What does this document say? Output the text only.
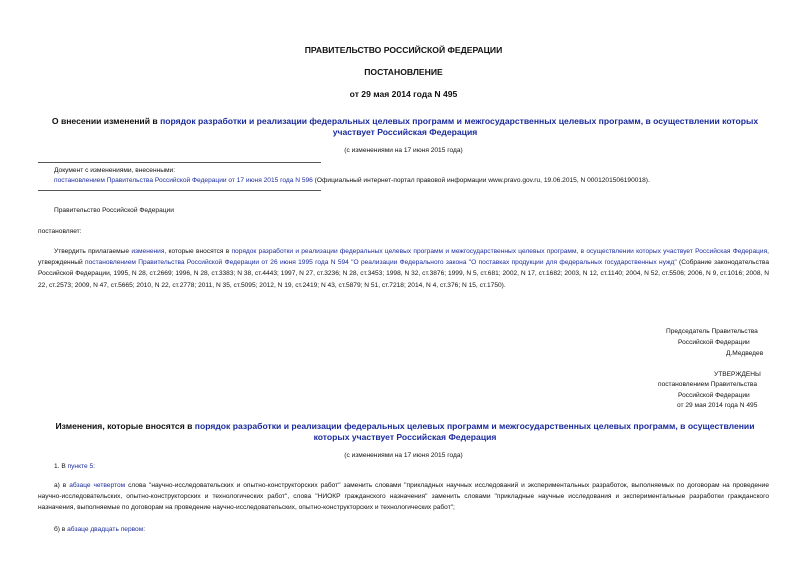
ПРАВИТЕЛЬСТВО РОССИЙСКОЙ ФЕДЕРАЦИИ
ПОСТАНОВЛЕНИЕ
от 29 мая 2014 года N 495
О внесении изменений в порядок разработки и реализации федеральных целевых программ и межгосударственных целевых программ, в осуществлении которых участвует Российская Федерация
(с изменениями на 17 июня 2015 года)
Документ с изменениями, внесенными:
постановлением Правительства Российской Федерации от 17 июня 2015 года N 596 (Официальный интернет-портал правовой информации www.pravo.gov.ru, 19.06.2015, N 0001201506190018).
Правительство Российской Федерации
постановляет:
Утвердить прилагаемые изменения, которые вносятся в порядок разработки и реализации федеральных целевых программ и межгосударственных целевых программ, в осуществлении которых участвует Российская Федерация, утвержденный постановлением Правительства Российской Федерации от 26 июня 1995 года N 594 "О реализации Федерального закона "О поставках продукции для федеральных государственных нужд" (Собрание законодательства Российской Федерации, 1995, N 28, ст.2669; 1996, N 28, ст.3383; N 38, ст.4443; 1997, N 27, ст.3236; N 28, ст.3453; 1998, N 32, ст.3876; 1999, N 5, ст.681; 2002, N 17, ст.1682; 2003, N 12, ст.1140; 2004, N 52, ст.5506; 2006, N 9, ст.1016; 2008, N 22, ст.2573; 2009, N 47, ст.5665; 2010, N 22, ст.2778; 2011, N 35, ст.5095; 2012, N 19, ст.2419; N 43, ст.5879; N 51, ст.7218; 2014, N 4, ст.376; N 15, ст.1750).
Председатель Правительства
Российской Федерации
Д.Медведев
УТВЕРЖДЕНЫ
постановлением Правительства
Российской Федерации
от 29 мая 2014 года N 495
Изменения, которые вносятся в порядок разработки и реализации федеральных целевых программ и межгосударственных целевых программ, в осуществлении которых участвует Российская Федерация
(с изменениями на 17 июня 2015 года)
1. В пункте 5:
а) в абзаце четвертом слова "научно-исследовательских и опытно-конструкторских работ" заменить словами "прикладных научных исследований и экспериментальных разработок, выполняемых по договорам на проведение научно-исследовательских, опытно-конструкторских и технологических работ", слова "НИОКР гражданского назначения" заменить словами "прикладные научные исследования и экспериментальные разработки гражданского назначения, выполняемые по договорам на проведение научно-исследовательских, опытно-конструкторских и технологических работ";
б) в абзаце двадцать первом:
